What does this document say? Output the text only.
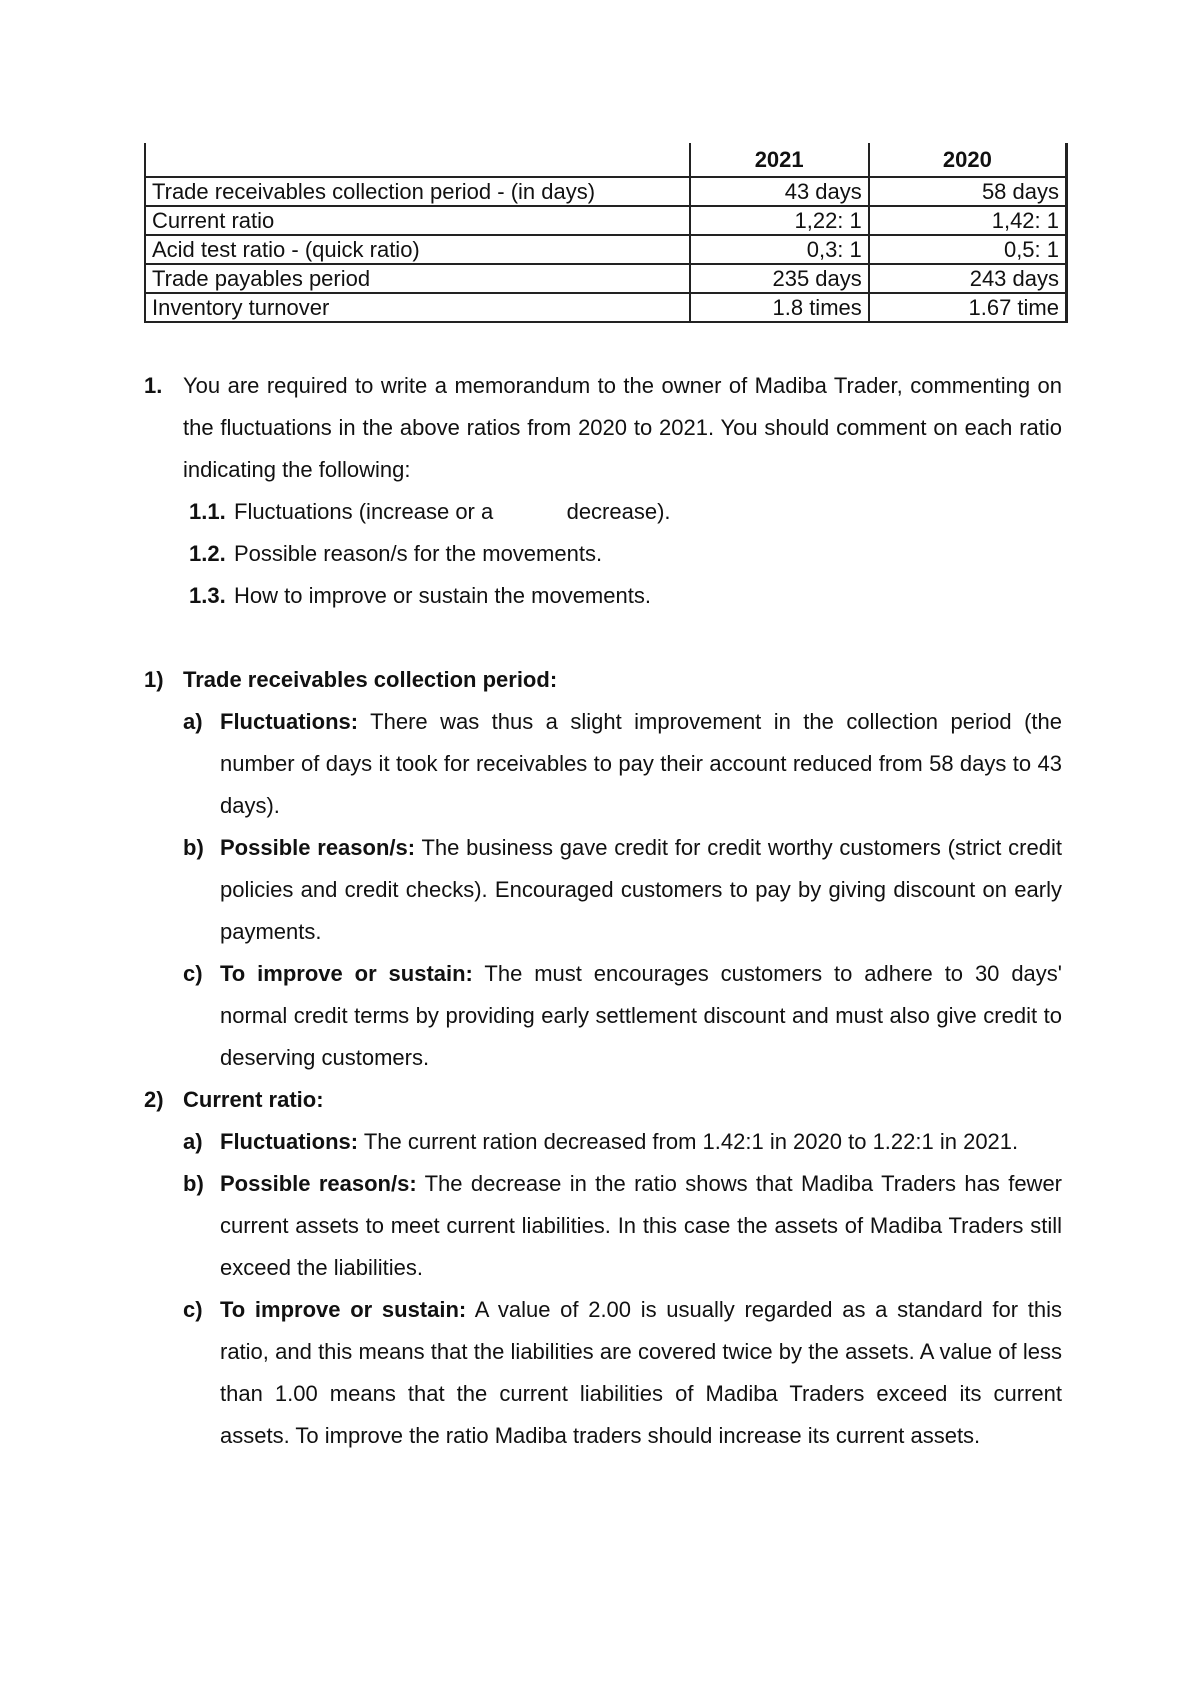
	2021	2020
Trade receivables collection period - (in days)	43 days	58 days
Current ratio	1,22: 1	1,42: 1
Acid test ratio - (quick ratio)	0,3: 1	0,5: 1
Trade payables period	235 days	243 days
Inventory turnover	1.8 times	1.67 time
1. You are required to write a memorandum to the owner of Madiba Trader, commenting on the fluctuations in the above ratios from 2020 to 2021. You should comment on each ratio indicating the following:
1.1. Fluctuations (increase or a            decrease).
1.2. Possible reason/s for the movements.
1.3. How to improve or sustain the movements.
1) Trade receivables collection period:
a) Fluctuations: There was thus a slight improvement in the collection period (the number of days it took for receivables to pay their account reduced from 58 days to 43 days).
b) Possible reason/s: The business gave credit for credit worthy customers (strict credit policies and credit checks). Encouraged customers to pay by giving discount on early payments.
c) To improve or sustain: The must encourages customers to adhere to 30 days' normal credit terms by providing early settlement discount and must also give credit to deserving customers.
2) Current ratio:
a) Fluctuations: The current ration decreased from 1.42:1 in 2020 to 1.22:1 in 2021.
b) Possible reason/s: The decrease in the ratio shows that Madiba Traders has fewer current assets to meet current liabilities. In this case the assets of Madiba Traders still exceed the liabilities.
c) To improve or sustain: A value of 2.00 is usually regarded as a standard for this ratio, and this means that the liabilities are covered twice by the assets. A value of less than 1.00 means that the current liabilities of Madiba Traders exceed its current assets. To improve the ratio Madiba traders should increase its current assets.
